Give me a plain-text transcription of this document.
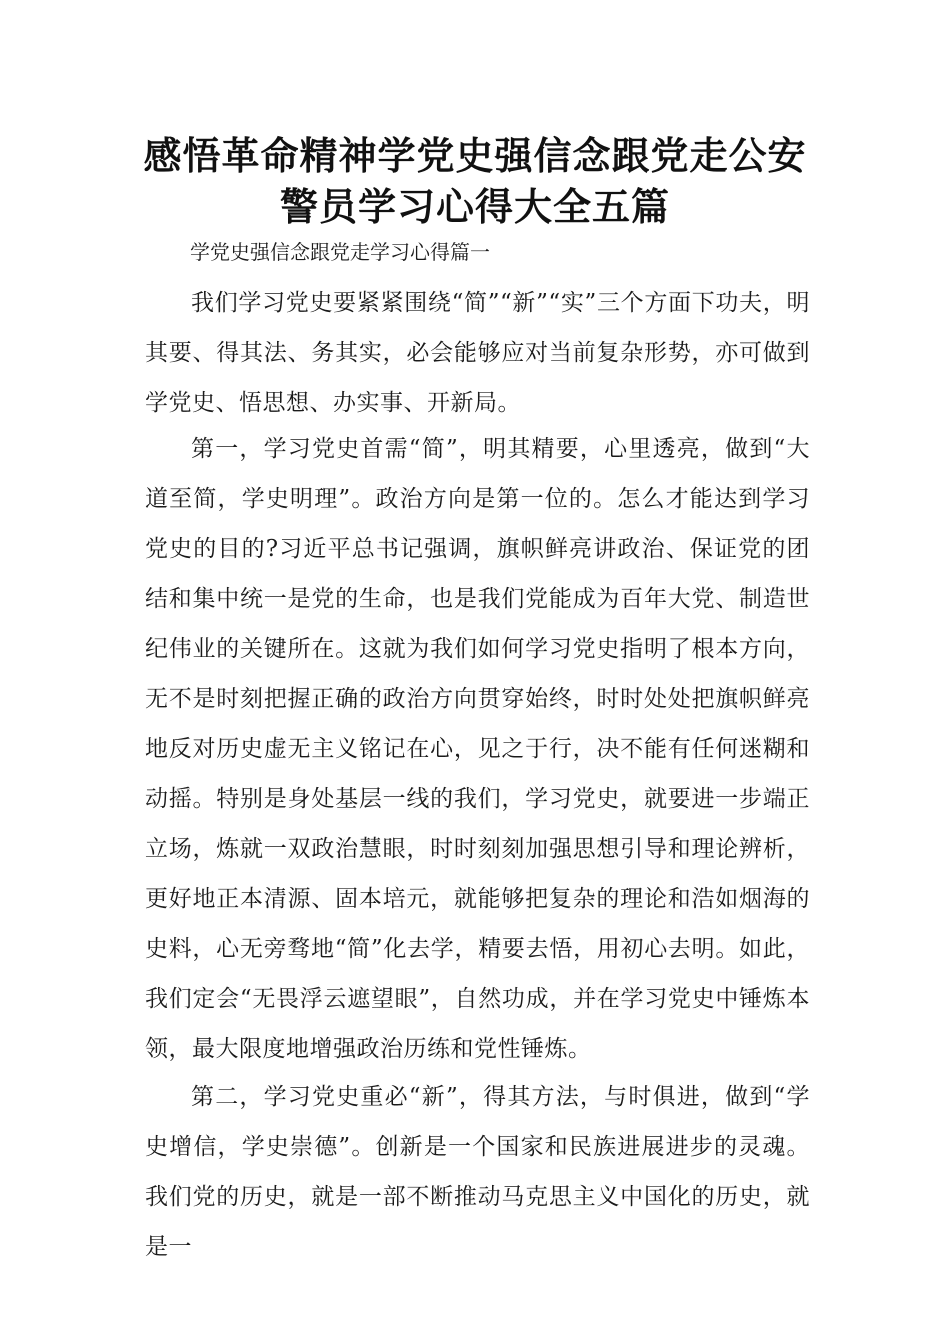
感悟革命精神学党史强信念跟党走公安
警员学习心得大全五篇

学党史强信念跟党走学习心得篇一

我们学习党史要紧紧围绕“简”“新”“实”三个方面下功夫，明其要、得其法、务其实，必会能够应对当前复杂形势，亦可做到学党史、悟思想、办实事、开新局。

第一，学习党史首需“简”，明其精要，心里透亮，做到“大道至简，学史明理”。政治方向是第一位的。怎么才能达到学习党史的目的?习近平总书记强调，旗帜鲜亮讲政治、保证党的团结和集中统一是党的生命，也是我们党能成为百年大党、制造世纪伟业的关键所在。这就为我们如何学习党史指明了根本方向，无不是时刻把握正确的政治方向贯穿始终，时时处处把旗帜鲜亮地反对历史虚无主义铭记在心，见之于行，决不能有任何迷糊和动摇。特别是身处基层一线的我们，学习党史，就要进一步端正立场，炼就一双政治慧眼，时时刻刻加强思想引导和理论辨析，更好地正本清源、固本培元，就能够把复杂的理论和浩如烟海的史料，心无旁骛地“简”化去学，精要去悟，用初心去明。如此，我们定会“无畏浮云遮望眼”，自然功成，并在学习党史中锤炼本领，最大限度地增强政治历练和党性锤炼。

第二，学习党史重必“新”，得其方法，与时俱进，做到“学史增信，学史崇德”。创新是一个国家和民族进展进步的灵魂。我们党的历史，就是一部不断推动马克思主义中国化的历史，就是一
